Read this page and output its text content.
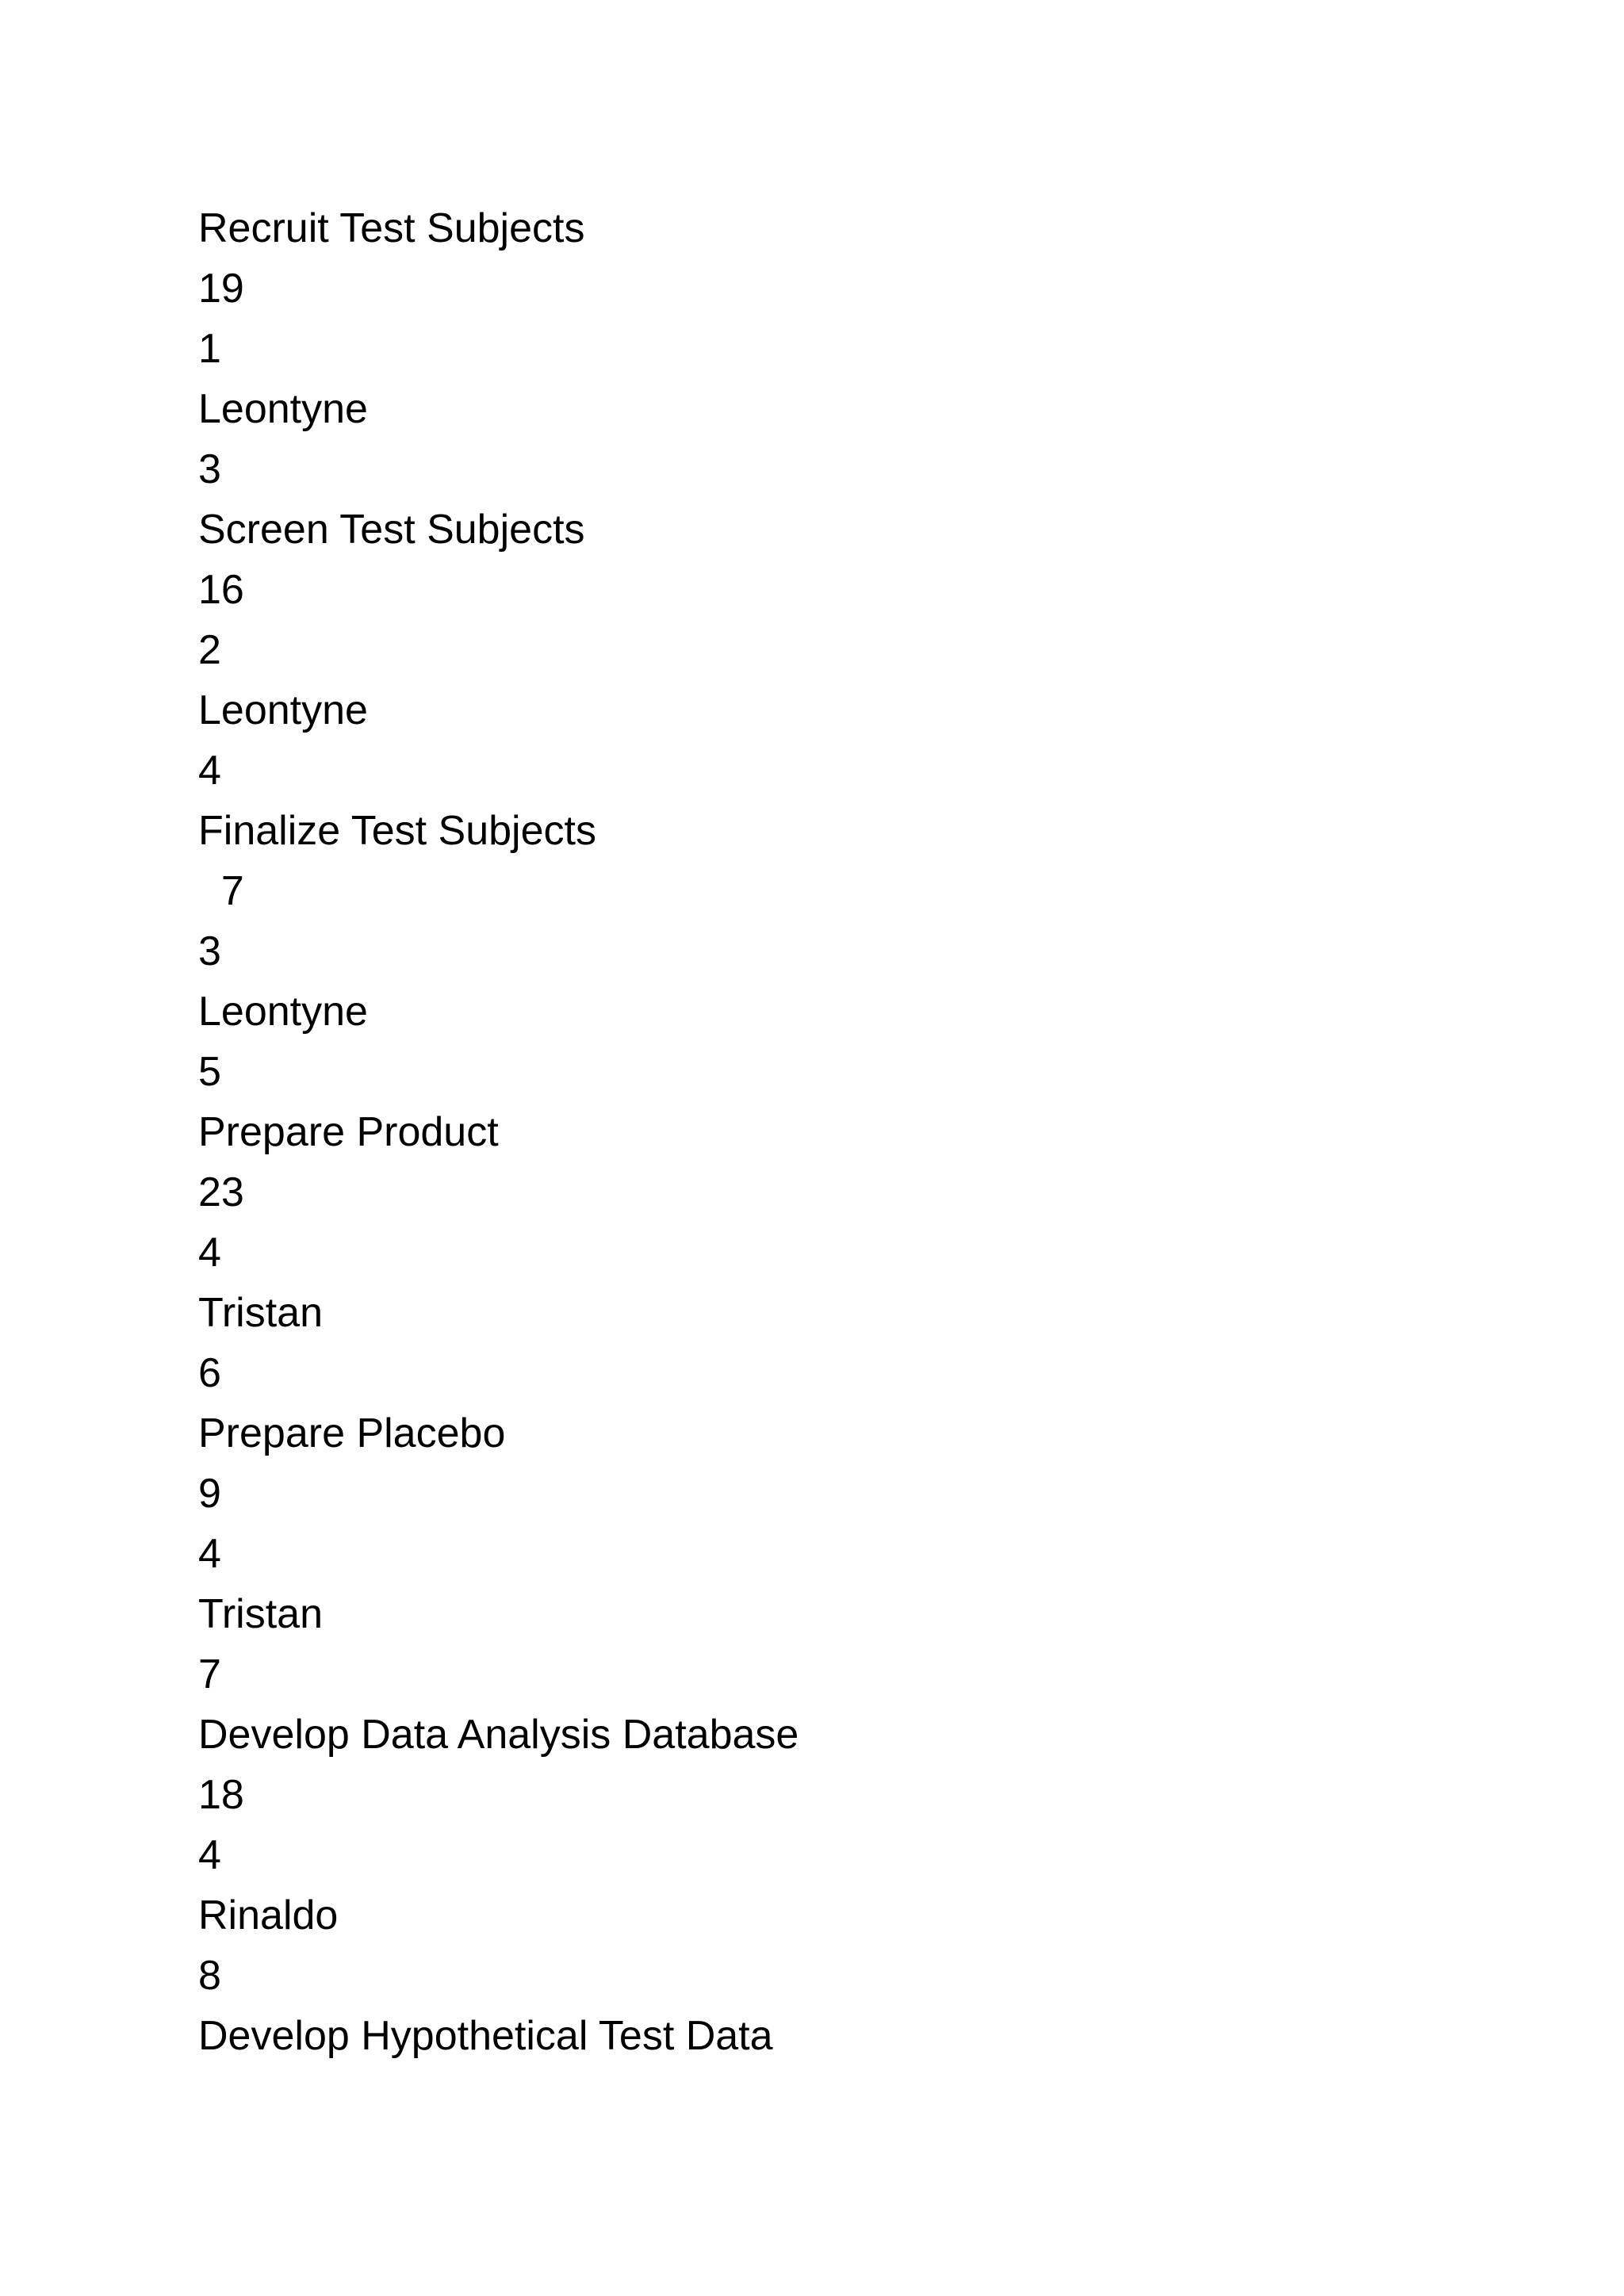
Recruit Test Subjects
19
1
Leontyne
3
Screen Test Subjects
16
2
Leontyne
4
Finalize Test Subjects
7
3
Leontyne
5
Prepare Product
23
4
Tristan
6
Prepare Placebo
9
4
Tristan
7
Develop Data Analysis Database
18
4
Rinaldo
8
Develop Hypothetical Test Data
